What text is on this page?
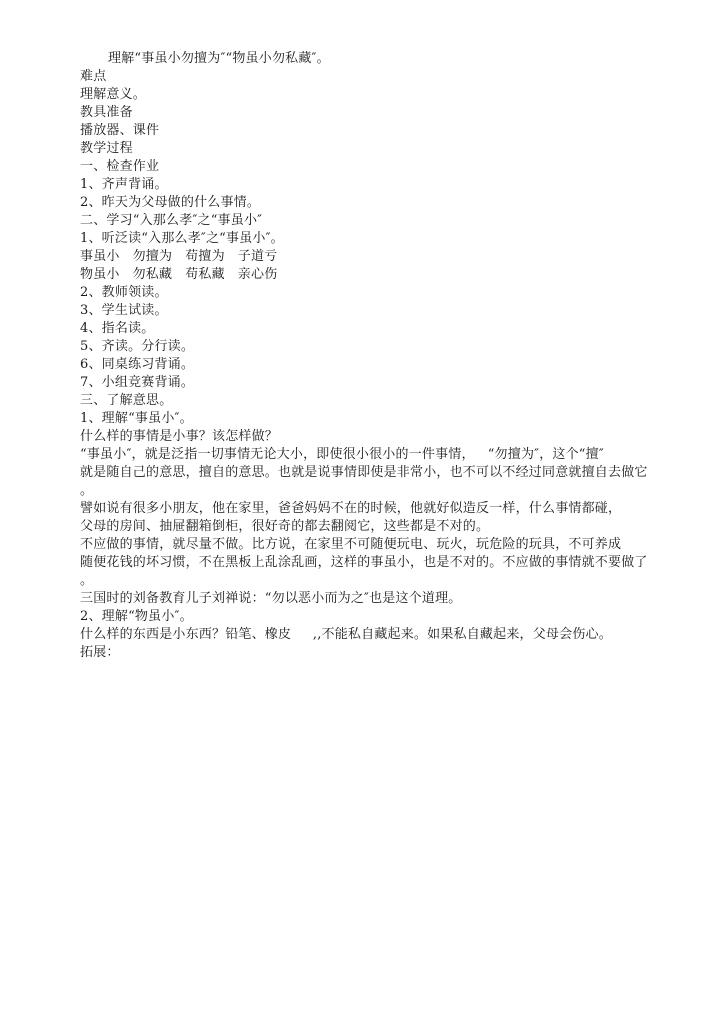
理解“事虽小勿擅为″“物虽小勿私藏″。
难点
理解意义。
教具准备
播放器、课件
教学过程
一、检查作业
1、齐声背诵。
2、昨天为父母做的什么事情。
二、学习“入那么孝″之“事虽小″
1、听泛读“入那么孝″之“事虽小″。
事虽小   勿擅为   苟擅为   子道亏
物虽小   勿私藏   苟私藏   亲心伤
2、教师领读。
3、学生试读。
4、指名读。
5、齐读。分行读。
6、同桌练习背诵。
7、小组竞赛背诵。
三、了解意思。
1、理解“事虽小″。
什么样的事情是小事？该怎样做？
“事虽小″，就是泛指一切事情无论大小，即使很小很小的一件事情，   “勿擅为″，这个“擅″
就是随自己的意思，擅自的意思。也就是说事情即使是非常小，也不可以不经过同意就擅自去做它
。
譬如说有很多小朋友，他在家里，爸爸妈妈不在的时候，他就好似造反一样，什么事情都碰，
父母的房间、抽屉翻箱倒柜，很好奇的都去翻阅它，这些都是不对的。
不应做的事情，就尽量不做。比方说，在家里不可随便玩电、玩火，玩危险的玩具，不可养成
随便花钱的坏习惯，不在黑板上乱涂乱画，这样的事虽小，也是不对的。不应做的事情就不要做了
。
三国时的刘备教育儿子刘禅说：“勿以恶小而为之″也是这个道理。
2、理解“物虽小″。
什么样的东西是小东西？铅笔、橡皮     ,,不能私自藏起来。如果私自藏起来，父母会伤心。
拓展：
